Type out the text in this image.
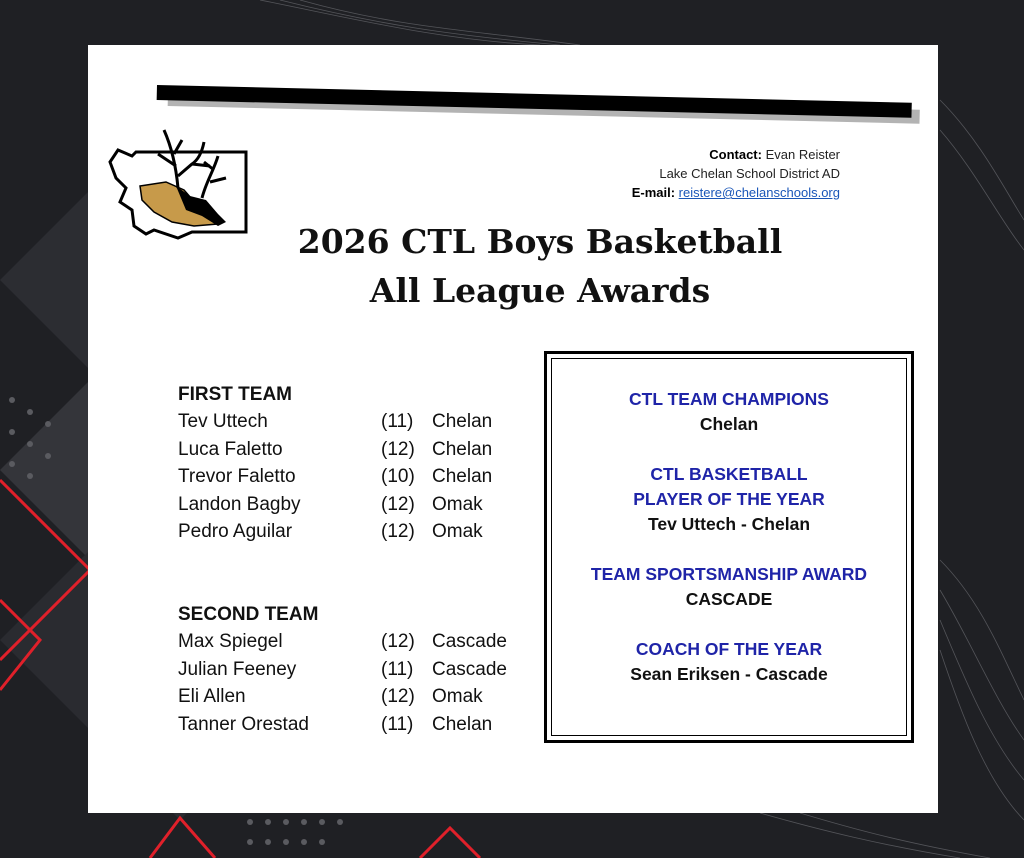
Contact: Evan Reister
Lake Chelan School District AD
E-mail: reistere@chelanschools.org
2026 CTL Boys Basketball
All League Awards
FIRST TEAM
Tev Uttech	(11) Chelan
Luca Faletto	(12) Chelan
Trevor Faletto	(10) Chelan
Landon Bagby	(12) Omak
Pedro Aguilar	(12) Omak
SECOND TEAM
Max Spiegel	(12) Cascade
Julian Feeney	(11) Cascade
Eli Allen	(12) Omak
Tanner Orestad	(11) Chelan
CTL TEAM CHAMPIONS
Chelan
CTL BASKETBALL
PLAYER OF THE YEAR
Tev Uttech - Chelan
TEAM SPORTSMANSHIP AWARD
CASCADE
COACH OF THE YEAR
Sean Eriksen - Cascade
